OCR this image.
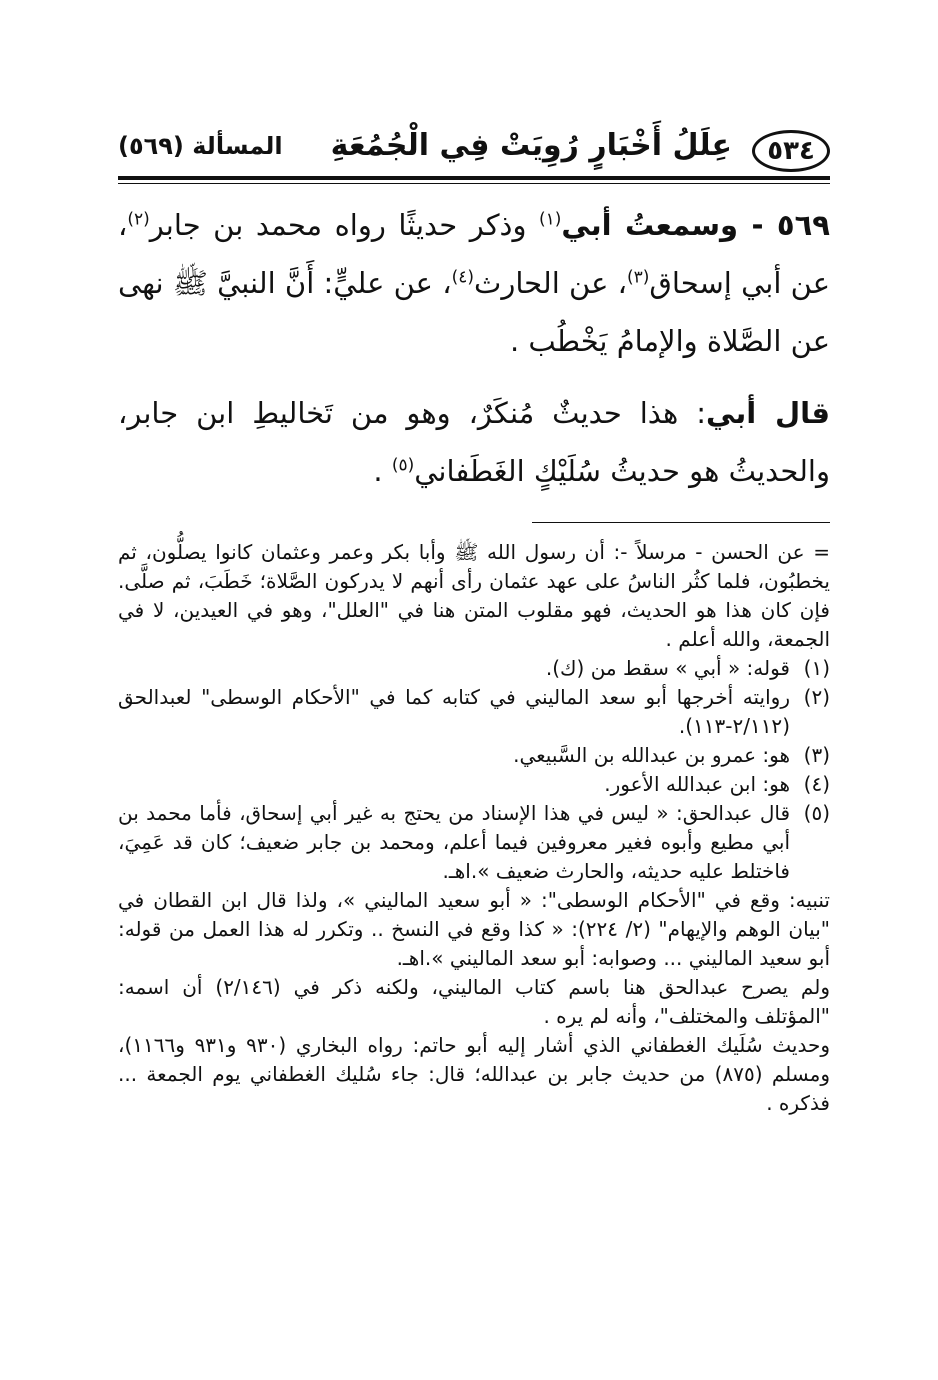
٥٣٤
عِلَلُ أَخْبَارٍ رُوِيَتْ فِي الْجُمُعَةِ
المسألة (٥٦٩)

٥٦٩ - وسمعتُ أبي$^{(١)}$ وذكر حديثًا رواه محمد بن جابر$^{(٢)}$، عن أبي إسحاق$^{(٣)}$، عن الحارث$^{(٤)}$، عن عليٍّ: أَنَّ النبيَّ ﷺ نهى عن الصَّلاة والإمامُ يَخْطُب .

قال أبي: هذا حديثٌ مُنكَرٌ، وهو من تَخاليطِ ابن جابر، والحديثُ هو حديثُ سُلَيْكٍ الغَطَفاني$^{(٥)}$ .

= عن الحسن - مرسلاً -: أن رسول الله ﷺ وأبا بكر وعمر وعثمان كانوا يصلُّون، ثم يخطبُون، فلما كثُر الناسُ على عهد عثمان رأى أنهم لا يدركون الصَّلاة؛ خَطَبَ، ثم صلَّى. فإن كان هذا هو الحديث، فهو مقلوب المتن هنا في "العلل"، وهو في العيدين، لا في الجمعة، والله أعلم .

(١)
قوله: « أبي » سقط من (ك).
(٢)
روايته أخرجها أبو سعد الماليني في كتابه كما في "الأحكام الوسطى" لعبدالحق (٢/١١٢-١١٣).
(٣)
هو: عمرو بن عبدالله بن السَّبيعي.
(٤)
هو: ابن عبدالله الأعور.
(٥)
قال عبدالحق: « ليس في هذا الإسناد من يحتج به غير أبي إسحاق، فأما محمد بن أبي مطيع وأبوه فغير معروفين فيما أعلم، ومحمد بن جابر ضعيف؛ كان قد عَمِيَ، فاختلط عليه حديثه، والحارث ضعيف ».اهـ.

تنبيه: وقع في "الأحكام الوسطى": « أبو سعيد الماليني »، ولذا قال ابن القطان في "بيان الوهم والإيهام" (٢/ ٢٢٤): « كذا وقع في النسخ .. وتكرر له هذا العمل من قوله: أبو سعيد الماليني ... وصوابه: أبو سعد الماليني ».اهـ.

ولم يصرح عبدالحق هنا باسم كتاب الماليني، ولكنه ذكر في (٢/١٤٦) أن اسمه: "المؤتلف والمختلف"، وأنه لم يره .

وحديث سُلَيك الغطفاني الذي أشار إليه أبو حاتم: رواه البخاري (٩٣٠ و٩٣١ و١١٦٦)، ومسلم (٨٧٥) من حديث جابر بن عبدالله؛ قال: جاء سُليك الغطفاني يوم الجمعة ... فذكره .
